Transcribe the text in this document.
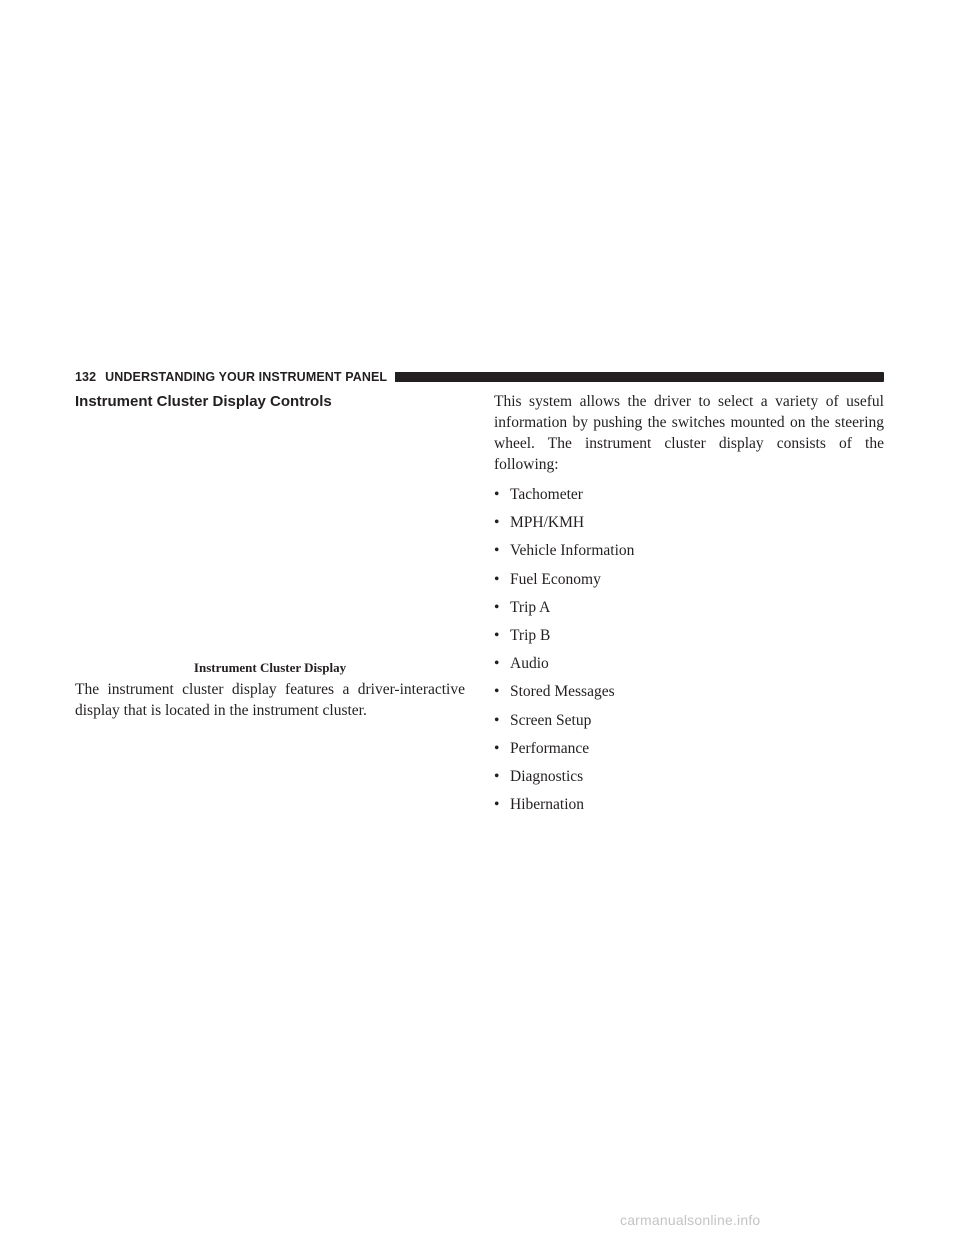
132 UNDERSTANDING YOUR INSTRUMENT PANEL
Instrument Cluster Display Controls
Instrument Cluster Display

The instrument cluster display features a driver-interactive display that is located in the instrument cluster.

This system allows the driver to select a variety of useful information by pushing the switches mounted on the steering wheel. The instrument cluster display consists of the following:

• Tachometer
• MPH/KMH
• Vehicle Information
• Fuel Economy
• Trip A
• Trip B
• Audio
• Stored Messages
• Screen Setup
• Performance
• Diagnostics
• Hibernation
carmanualsonline.info
